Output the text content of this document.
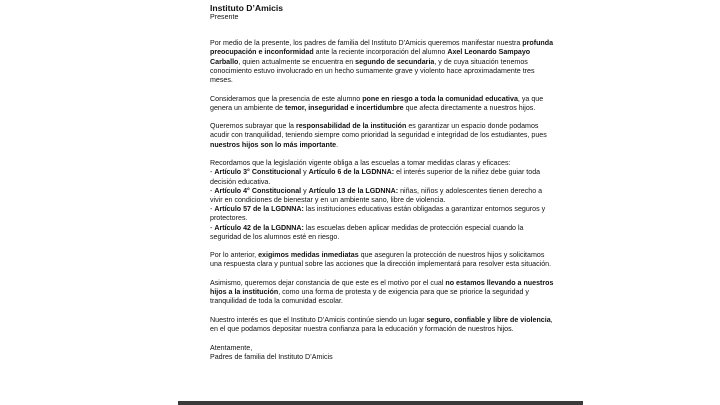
Instituto D’Amicis

Presente

Por medio de la presente, los padres de familia del Instituto D’Amicis queremos manifestar nuestra profunda preocupación e inconformidad ante la reciente incorporación del alumno Axel Leonardo Sampayo Carballo, quien actualmente se encuentra en segundo de secundaria, y de cuya situación tenemos conocimiento estuvo involucrado en un hecho sumamente grave y violento hace aproximadamente tres meses.

Consideramos que la presencia de este alumno pone en riesgo a toda la comunidad educativa, ya que genera un ambiente de temor, inseguridad e incertidumbre que afecta directamente a nuestros hijos.

Queremos subrayar que la responsabilidad de la institución es garantizar un espacio donde podamos acudir con tranquilidad, teniendo siempre como prioridad la seguridad e integridad de los estudiantes, pues nuestros hijos son lo más importante.

Recordamos que la legislación vigente obliga a las escuelas a tomar medidas claras y eficaces:

- Artículo 3° Constitucional y Artículo 6 de la LGDNNA: el interés superior de la niñez debe guiar toda decisión educativa.

- Artículo 4° Constitucional y Artículo 13 de la LGDNNA: niñas, niños y adolescentes tienen derecho a vivir en condiciones de bienestar y en un ambiente sano, libre de violencia.

- Artículo 57 de la LGDNNA: las instituciones educativas están obligadas a garantizar entornos seguros y protectores.

- Artículo 42 de la LGDNNA: las escuelas deben aplicar medidas de protección especial cuando la seguridad de los alumnos esté en riesgo.

Por lo anterior, exigimos medidas inmediatas que aseguren la protección de nuestros hijos y solicitamos una respuesta clara y puntual sobre las acciones que la dirección implementará para resolver esta situación.

Asimismo, queremos dejar constancia de que este es el motivo por el cual no estamos llevando a nuestros hijos a la institución, como una forma de protesta y de exigencia para que se priorice la seguridad y tranquilidad de toda la comunidad escolar.

Nuestro interés es que el Instituto D’Amicis continúe siendo un lugar seguro, confiable y libre de violencia, en el que podamos depositar nuestra confianza para la educación y formación de nuestros hijos.

Atentamente,

Padres de familia del Instituto D’Amicis
